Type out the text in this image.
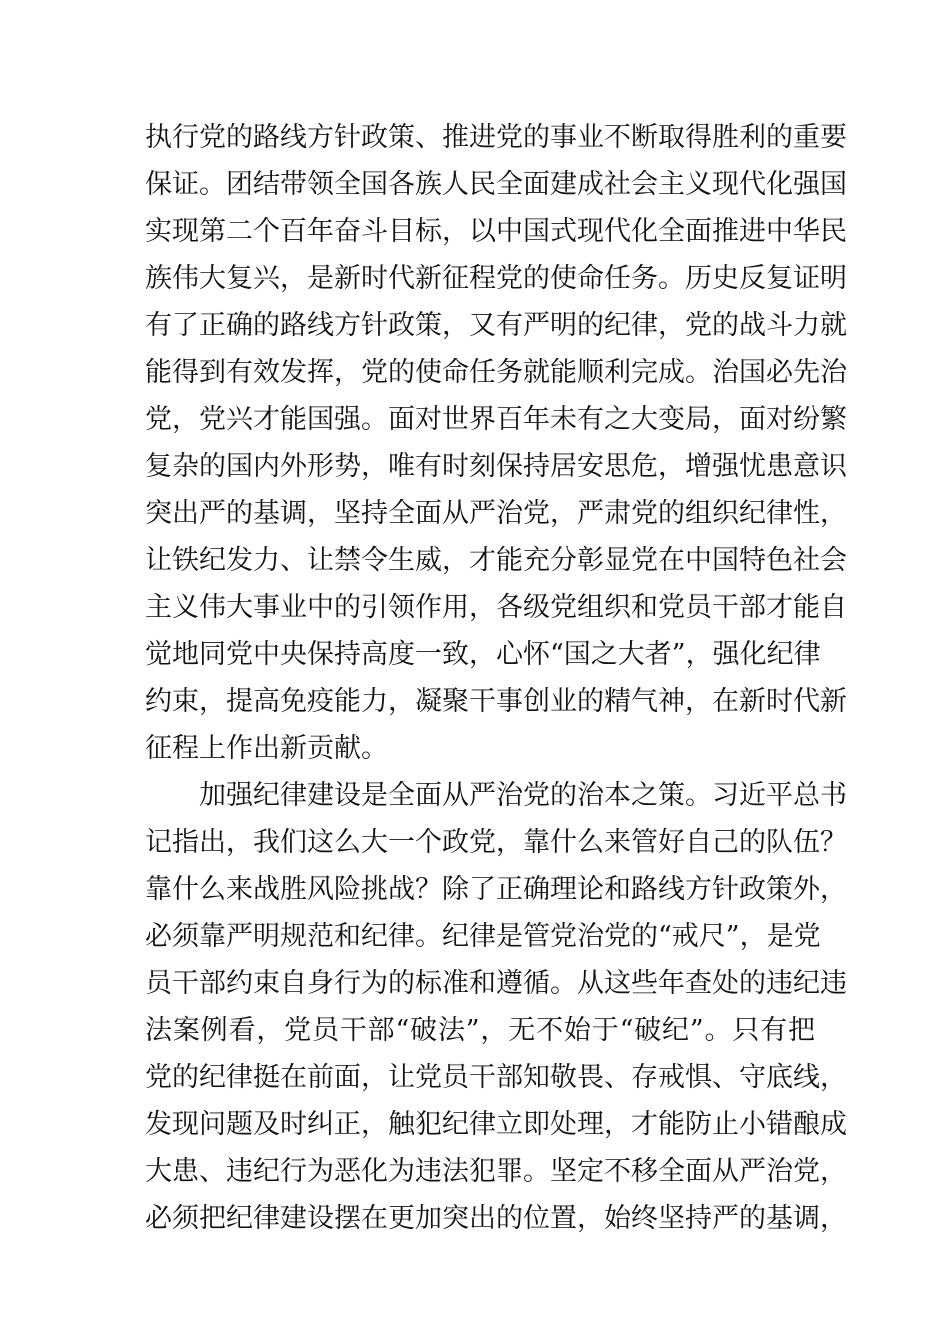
执行党的路线方针政策、推进党的事业不断取得胜利的重要
保证。团结带领全国各族人民全面建成社会主义现代化强国
实现第二个百年奋斗目标，以中国式现代化全面推进中华民
族伟大复兴，是新时代新征程党的使命任务。历史反复证明
有了正确的路线方针政策，又有严明的纪律，党的战斗力就
能得到有效发挥，党的使命任务就能顺利完成。治国必先治
党，党兴才能国强。面对世界百年未有之大变局，面对纷繁
复杂的国内外形势，唯有时刻保持居安思危，增强忧患意识
突出严的基调，坚持全面从严治党，严肃党的组织纪律性，
让铁纪发力、让禁令生威，才能充分彰显党在中国特色社会
主义伟大事业中的引领作用，各级党组织和党员干部才能自
觉地同党中央保持高度一致，心怀“国之大者”，强化纪律
约束，提高免疫能力，凝聚干事创业的精气神，在新时代新
征程上作出新贡献。
加强纪律建设是全面从严治党的治本之策。习近平总书
记指出，我们这么大一个政党，靠什么来管好自己的队伍？
靠什么来战胜风险挑战？除了正确理论和路线方针政策外，
必须靠严明规范和纪律。纪律是管党治党的“戒尺”，是党
员干部约束自身行为的标准和遵循。从这些年查处的违纪违
法案例看，党员干部“破法”，无不始于“破纪”。只有把
党的纪律挺在前面，让党员干部知敬畏、存戒惧、守底线，
发现问题及时纠正，触犯纪律立即处理，才能防止小错酿成
大患、违纪行为恶化为违法犯罪。坚定不移全面从严治党，
必须把纪律建设摆在更加突出的位置，始终坚持严的基调，
